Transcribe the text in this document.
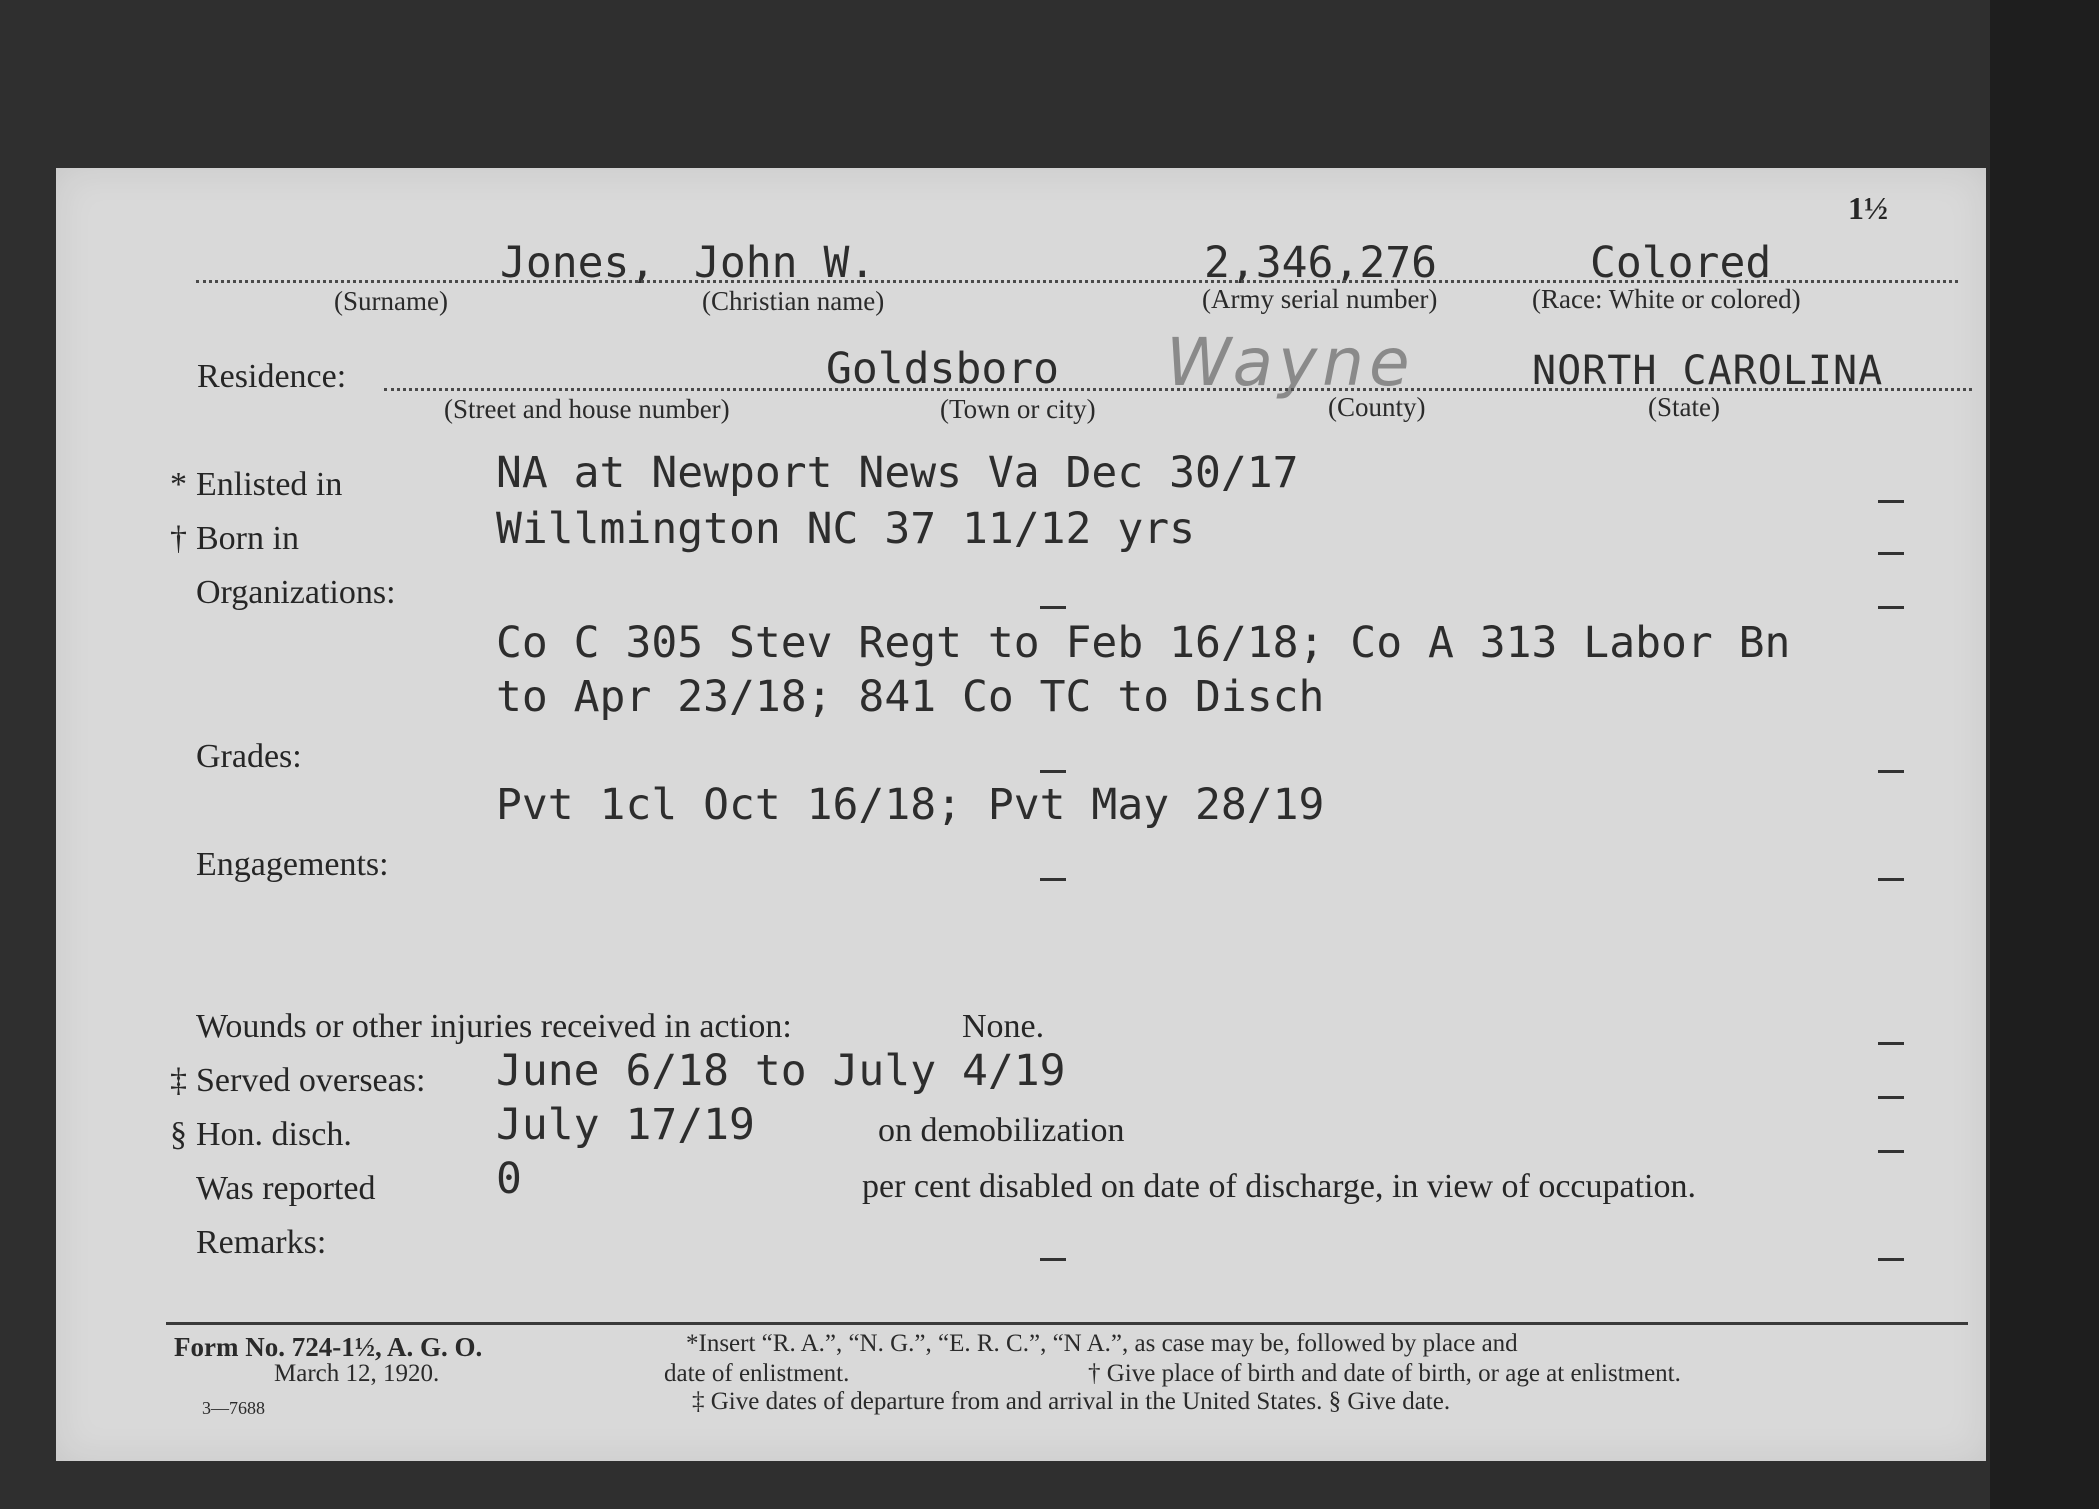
1½
Jones, John W.	2,346,276	Colored
(Surname)	(Christian name)	(Army serial number)	(Race: White or colored)
Residence:	Goldsboro Wayne	NORTH CAROLINA
(Street and house number)	(Town or city)	(County)	(State)
* Enlisted in	NA at Newport News Va Dec 30/17
† Born in	Willmington NC 37 11/12 yrs
Organizations:
Co C 305 Stev Regt to Feb 16/18; Co A 313 Labor Bn
to Apr 23/18; 841 Co TC to Disch
Grades:
Pvt 1cl Oct 16/18; Pvt May 28/19
Engagements:
Wounds or other injuries received in action:	None.
‡ Served overseas: June 6/18 to July 4/19
§ Hon. disch.	July 17/19	on demobilization
Was reported	0	per cent disabled on date of discharge, in view of occupation.
Remarks:
Form No. 724-1½, A. G. O.
March 12, 1920.
3—7688
*Insert “R. A.”, “N. G.”, “E. R. C.”, “N A.”, as case may be, followed by place and
date of enlistment.	† Give place of birth and date of birth, or age at enlistment.
‡ Give dates of departure from and arrival in the United States. § Give date.
